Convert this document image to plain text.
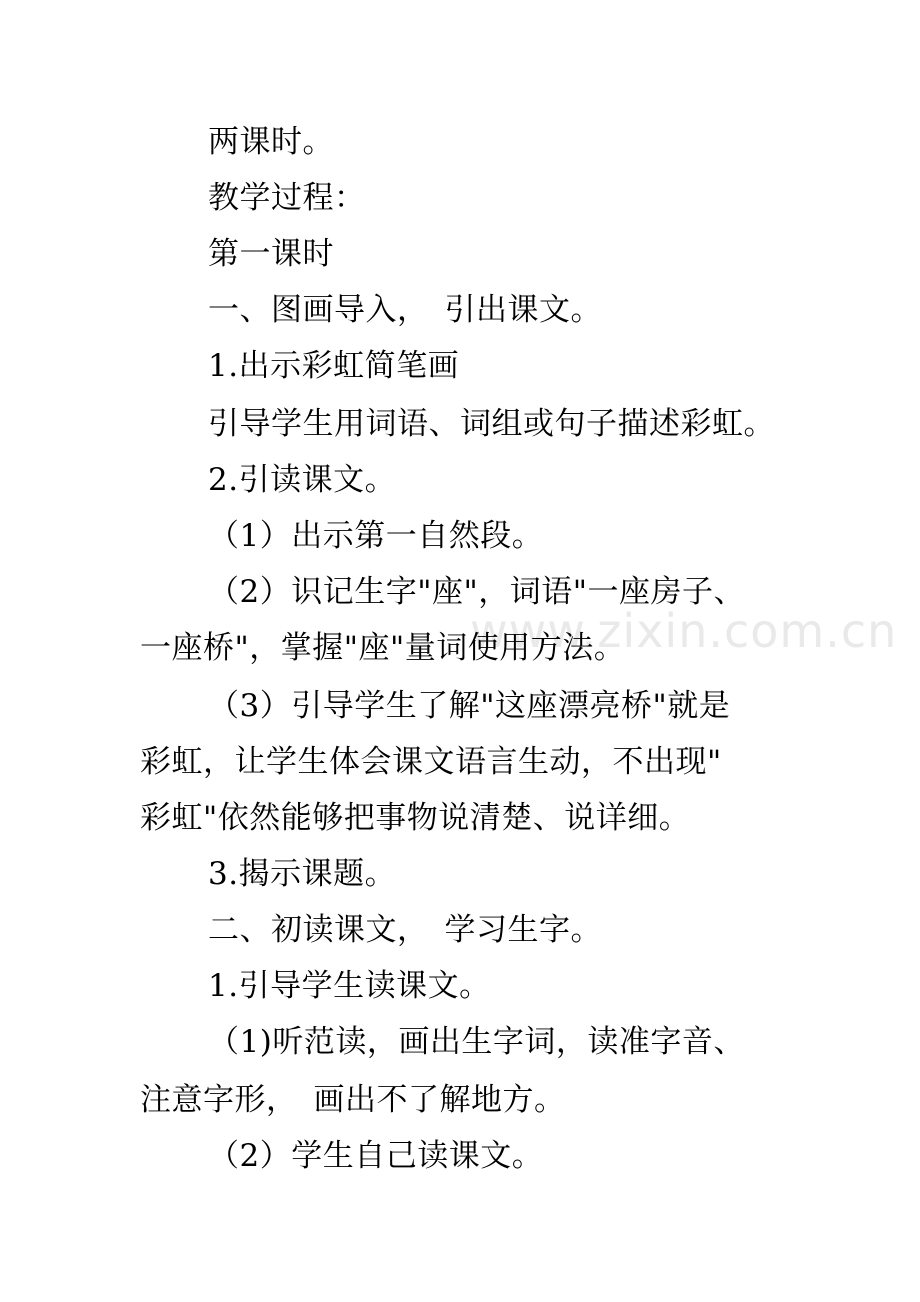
www.zixin.com.cn
两课时。
教学过程：
第一课时
一、图画导入，　引出课文。
1.出示彩虹简笔画
引导学生用词语、词组或句子描述彩虹。
2.引读课文。
（1）出示第一自然段。
（2）识记生字"座"，词语"一座房子、
一座桥"，掌握"座"量词使用方法。
（3）引导学生了解"这座漂亮桥"就是
彩虹，让学生体会课文语言生动，不出现"
彩虹"依然能够把事物说清楚、说详细。
3.揭示课题。
二、初读课文，　学习生字。
1.引导学生读课文。
（1)听范读，画出生字词，读准字音、
注意字形，　画出不了解地方。
（2）学生自己读课文。
